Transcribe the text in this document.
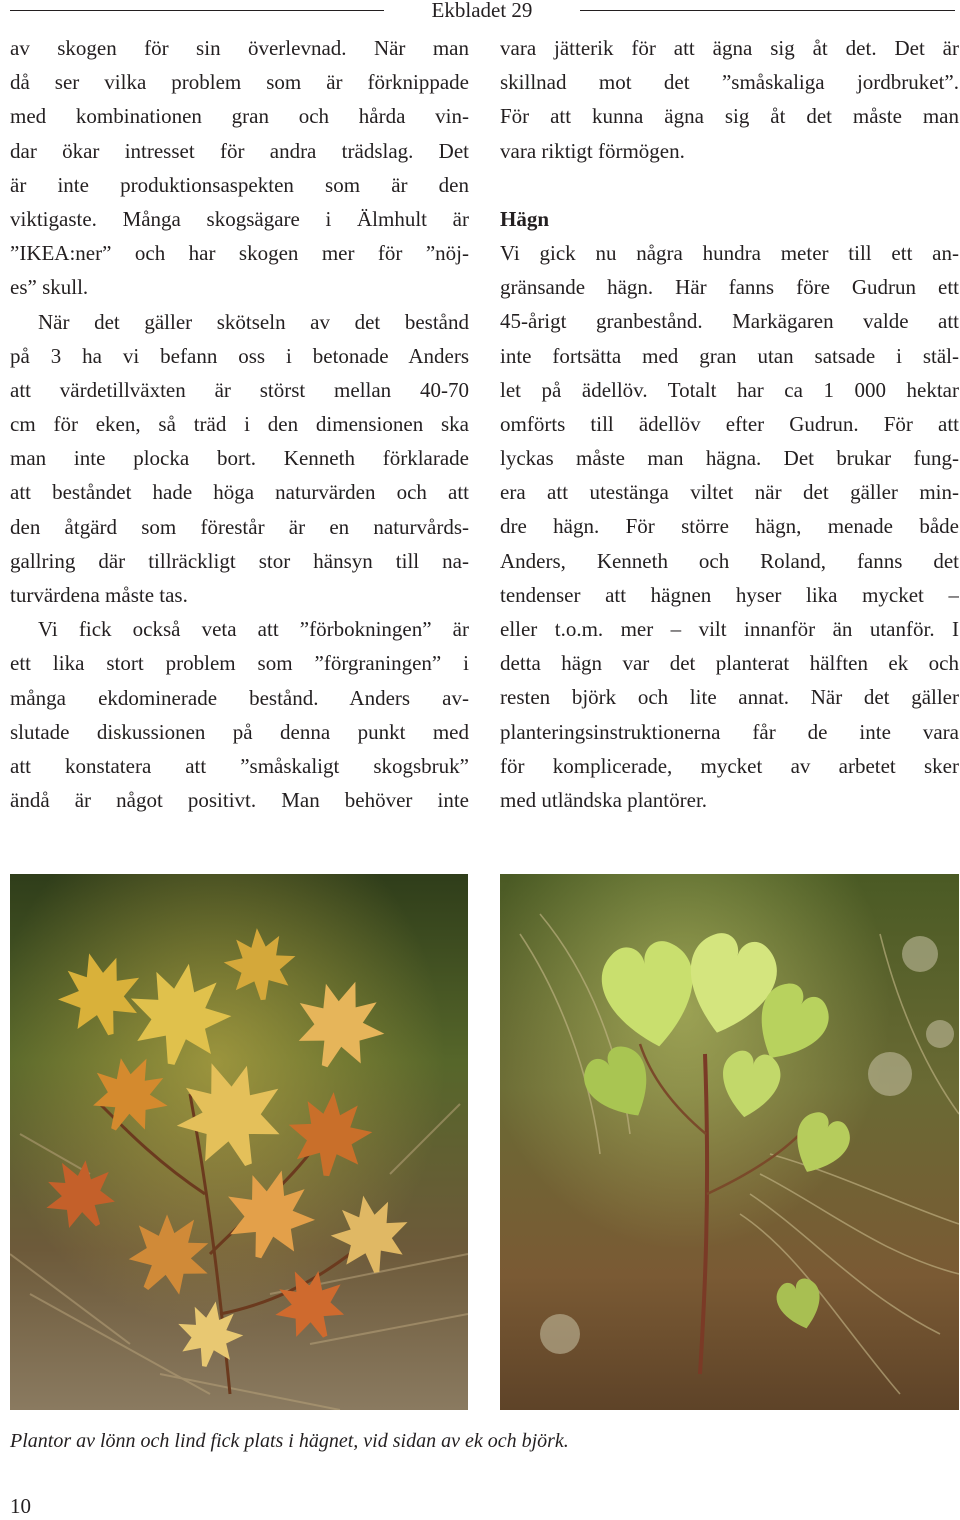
Ekbladet 29
av skogen för sin överlevnad. När man
då ser vilka problem som är förknippade
med kombinationen gran och hårda vin-
dar ökar intresset för andra trädslag. Det
är inte produktionsaspekten som är den
viktigaste. Många skogsägare i Älmhult är
”IKEA:ner” och har skogen mer för ”nöj-
es” skull.
När det gäller skötseln av det bestånd
på 3 ha vi befann oss i betonade Anders
att värdetillväxten är störst mellan 40-70
cm för eken, så träd i den dimensionen ska
man inte plocka bort. Kenneth förklarade
att beståndet hade höga naturvärden och att
den åtgärd som förestår är en naturvårds-
gallring där tillräckligt stor hänsyn till na-
turvärdena måste tas.
Vi fick också veta att ”förbokningen” är
ett lika stort problem som ”förgraningen” i
många ekdominerade bestånd. Anders av-
slutade diskussionen på denna punkt med
att konstatera att ”småskaligt skogsbruk”
ändå är något positivt. Man behöver inte
vara jätterik för att ägna sig åt det. Det är
skillnad mot det ”småskaliga jordbruket”.
För att kunna ägna sig åt det måste man
vara riktigt förmögen.
Hägn
Vi gick nu några hundra meter till ett an-
gränsande hägn. Här fanns före Gudrun ett
45-årigt granbestånd. Markägaren valde att
inte fortsätta med gran utan satsade i stäl-
let på ädellöv. Totalt har ca 1 000 hektar
omförts till ädellöv efter Gudrun. För att
lyckas måste man hägna. Det brukar fung-
era att utestänga viltet när det gäller min-
dre hägn. För större hägn, menade både
Anders, Kenneth och Roland, fanns det
tendenser att hägnen hyser lika mycket –
eller t.o.m. mer – vilt innanför än utanför. I
detta hägn var det planterat hälften ek och
resten björk och lite annat. När det gäller
planteringsinstruktionerna får de inte vara
för komplicerade, mycket av arbetet sker
med utländska plantörer.
Plantor av lönn och lind fick plats i hägnet, vid sidan av ek och björk.
10
